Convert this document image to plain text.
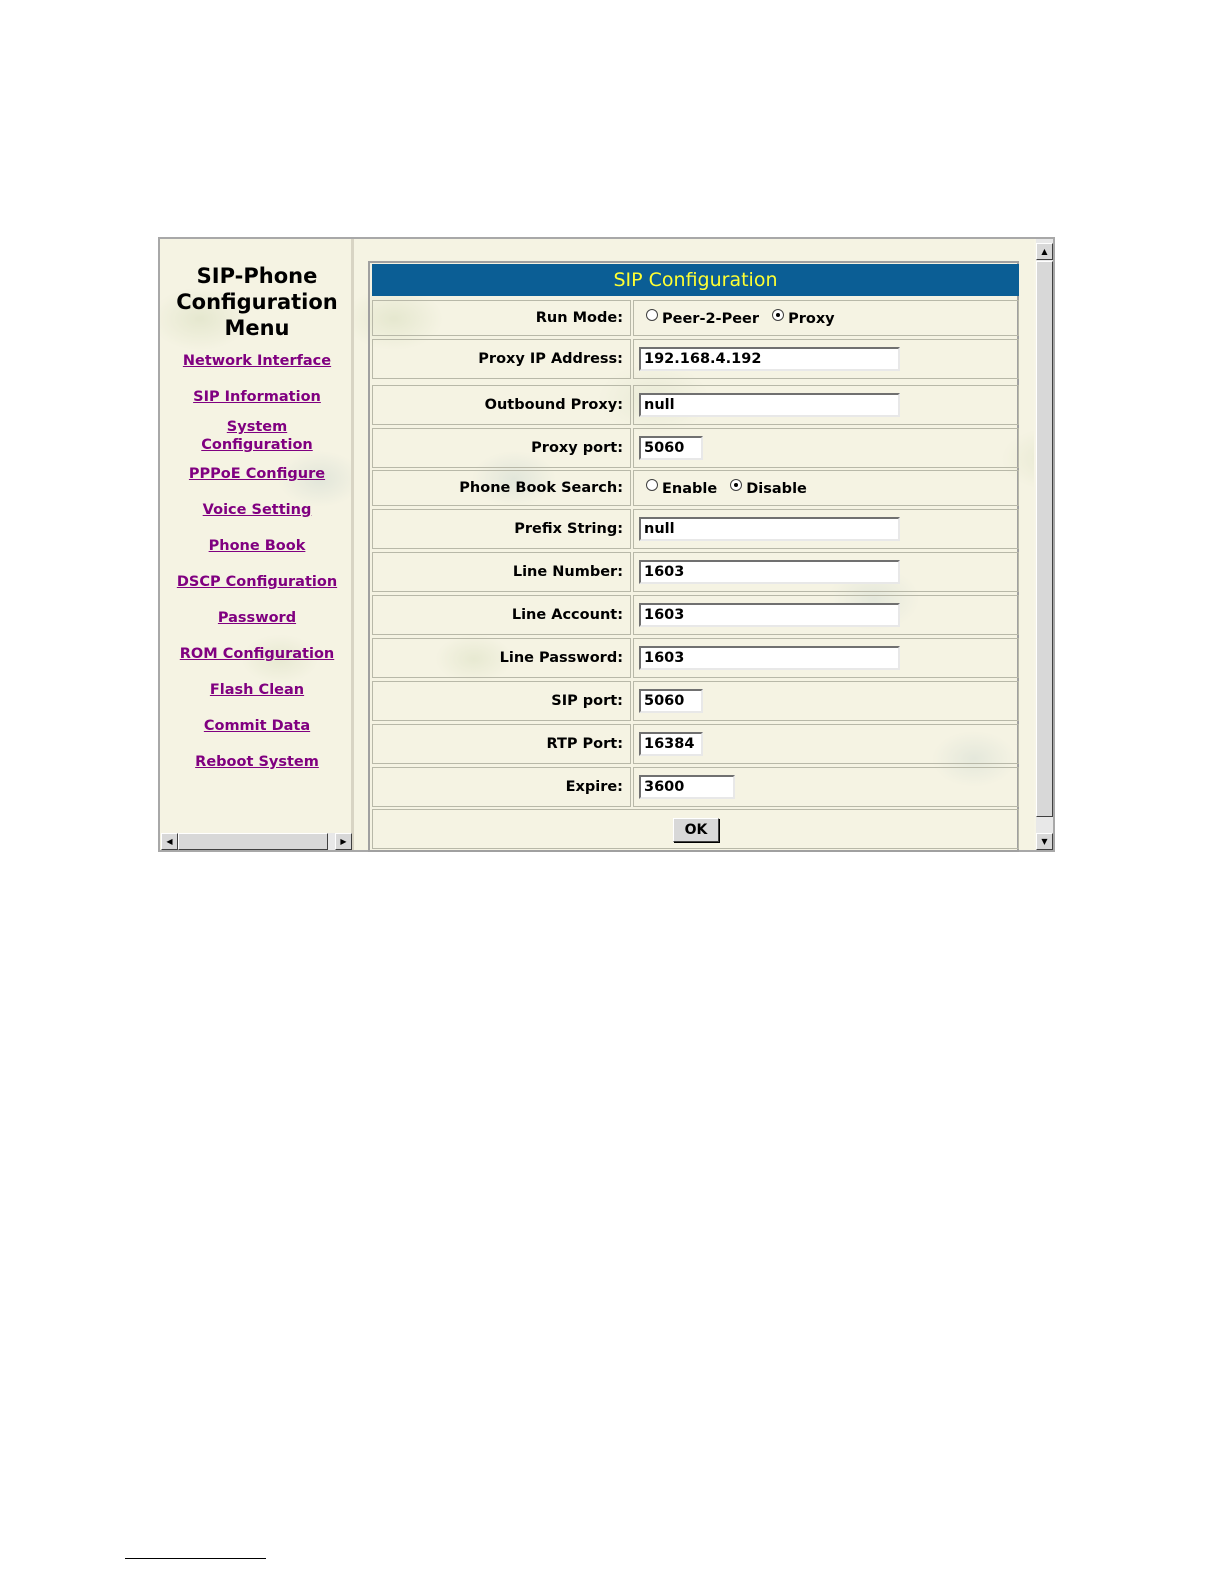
SIP-Phone Configuration Menu
Network Interface
SIP Information
System Configuration
PPPoE Configure
Voice Setting
Phone Book
DSCP Configuration
Password
ROM Configuration
Flash Clean
Commit Data
Reboot System
◀	▶
SIP Configuration
Run Mode:	Peer-2-Peer Proxy
Proxy IP Address:	192.168.4.192
Outbound Proxy:	null
Proxy port:	5060
Phone Book Search:	Enable Disable
Prefix String:	null
Line Number:	1603
Line Account:	1603
Line Password:	1603
SIP port:	5060
RTP Port:	16384
Expire:	3600
OK
▲
▼
